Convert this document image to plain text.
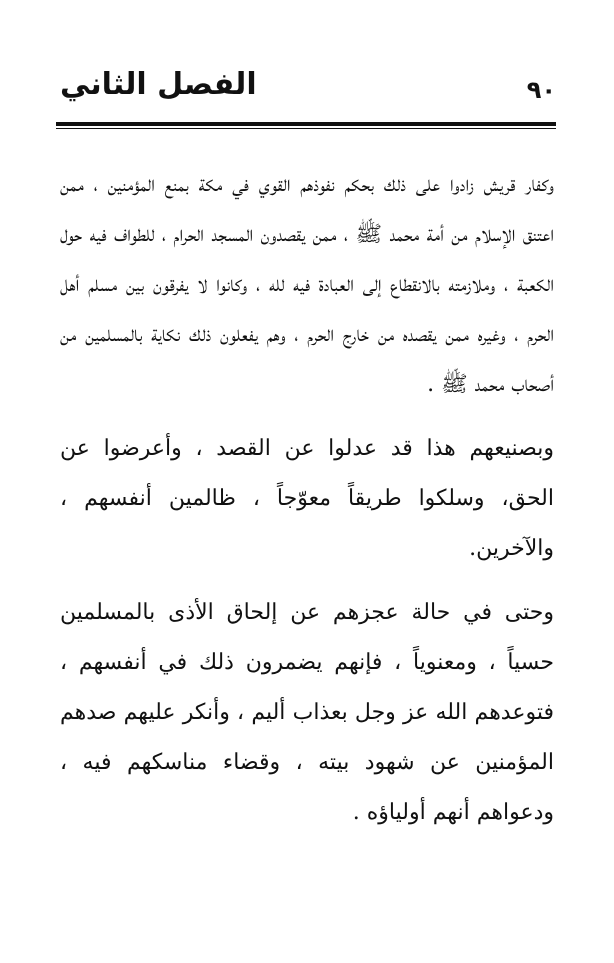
٩٠
الفصل الثاني

وكفار قريش زادوا على ذلك بحكم نفوذهم القوي في مكة بمنع المؤمنين ، ممن اعتنق الإسلام من أمة محمد ﷺ ، ممن يقصدون المسجد الحرام ، للطواف فيه حول الكعبة ، وملازمته بالانقطاع إلى العبادة فيه لله ، وكانوا لا يفرقون بين مسلم أهل الحرم ، وغيره ممن يقصده من خارج الحرم ، وهم يفعلون ذلك نكاية بالمسلمين من أصحاب محمد ﷺ .

وبصنيعهم هذا قد عدلوا عن القصد ، وأعرضوا عن الحق، وسلكوا طريقاً معوّجاً ، ظالمين أنفسهم ، والآخرين.

وحتى في حالة عجزهم عن إلحاق الأذى بالمسلمين حسياً ، ومعنوياً ، فإنهم يضمرون ذلك في أنفسهم ، فتوعدهم الله عز وجل بعذاب أليم ، وأنكر عليهم صدهم المؤمنين عن شهود بيته ، وقضاء مناسكهم فيه ، ودعواهم أنهم أولياؤه .
